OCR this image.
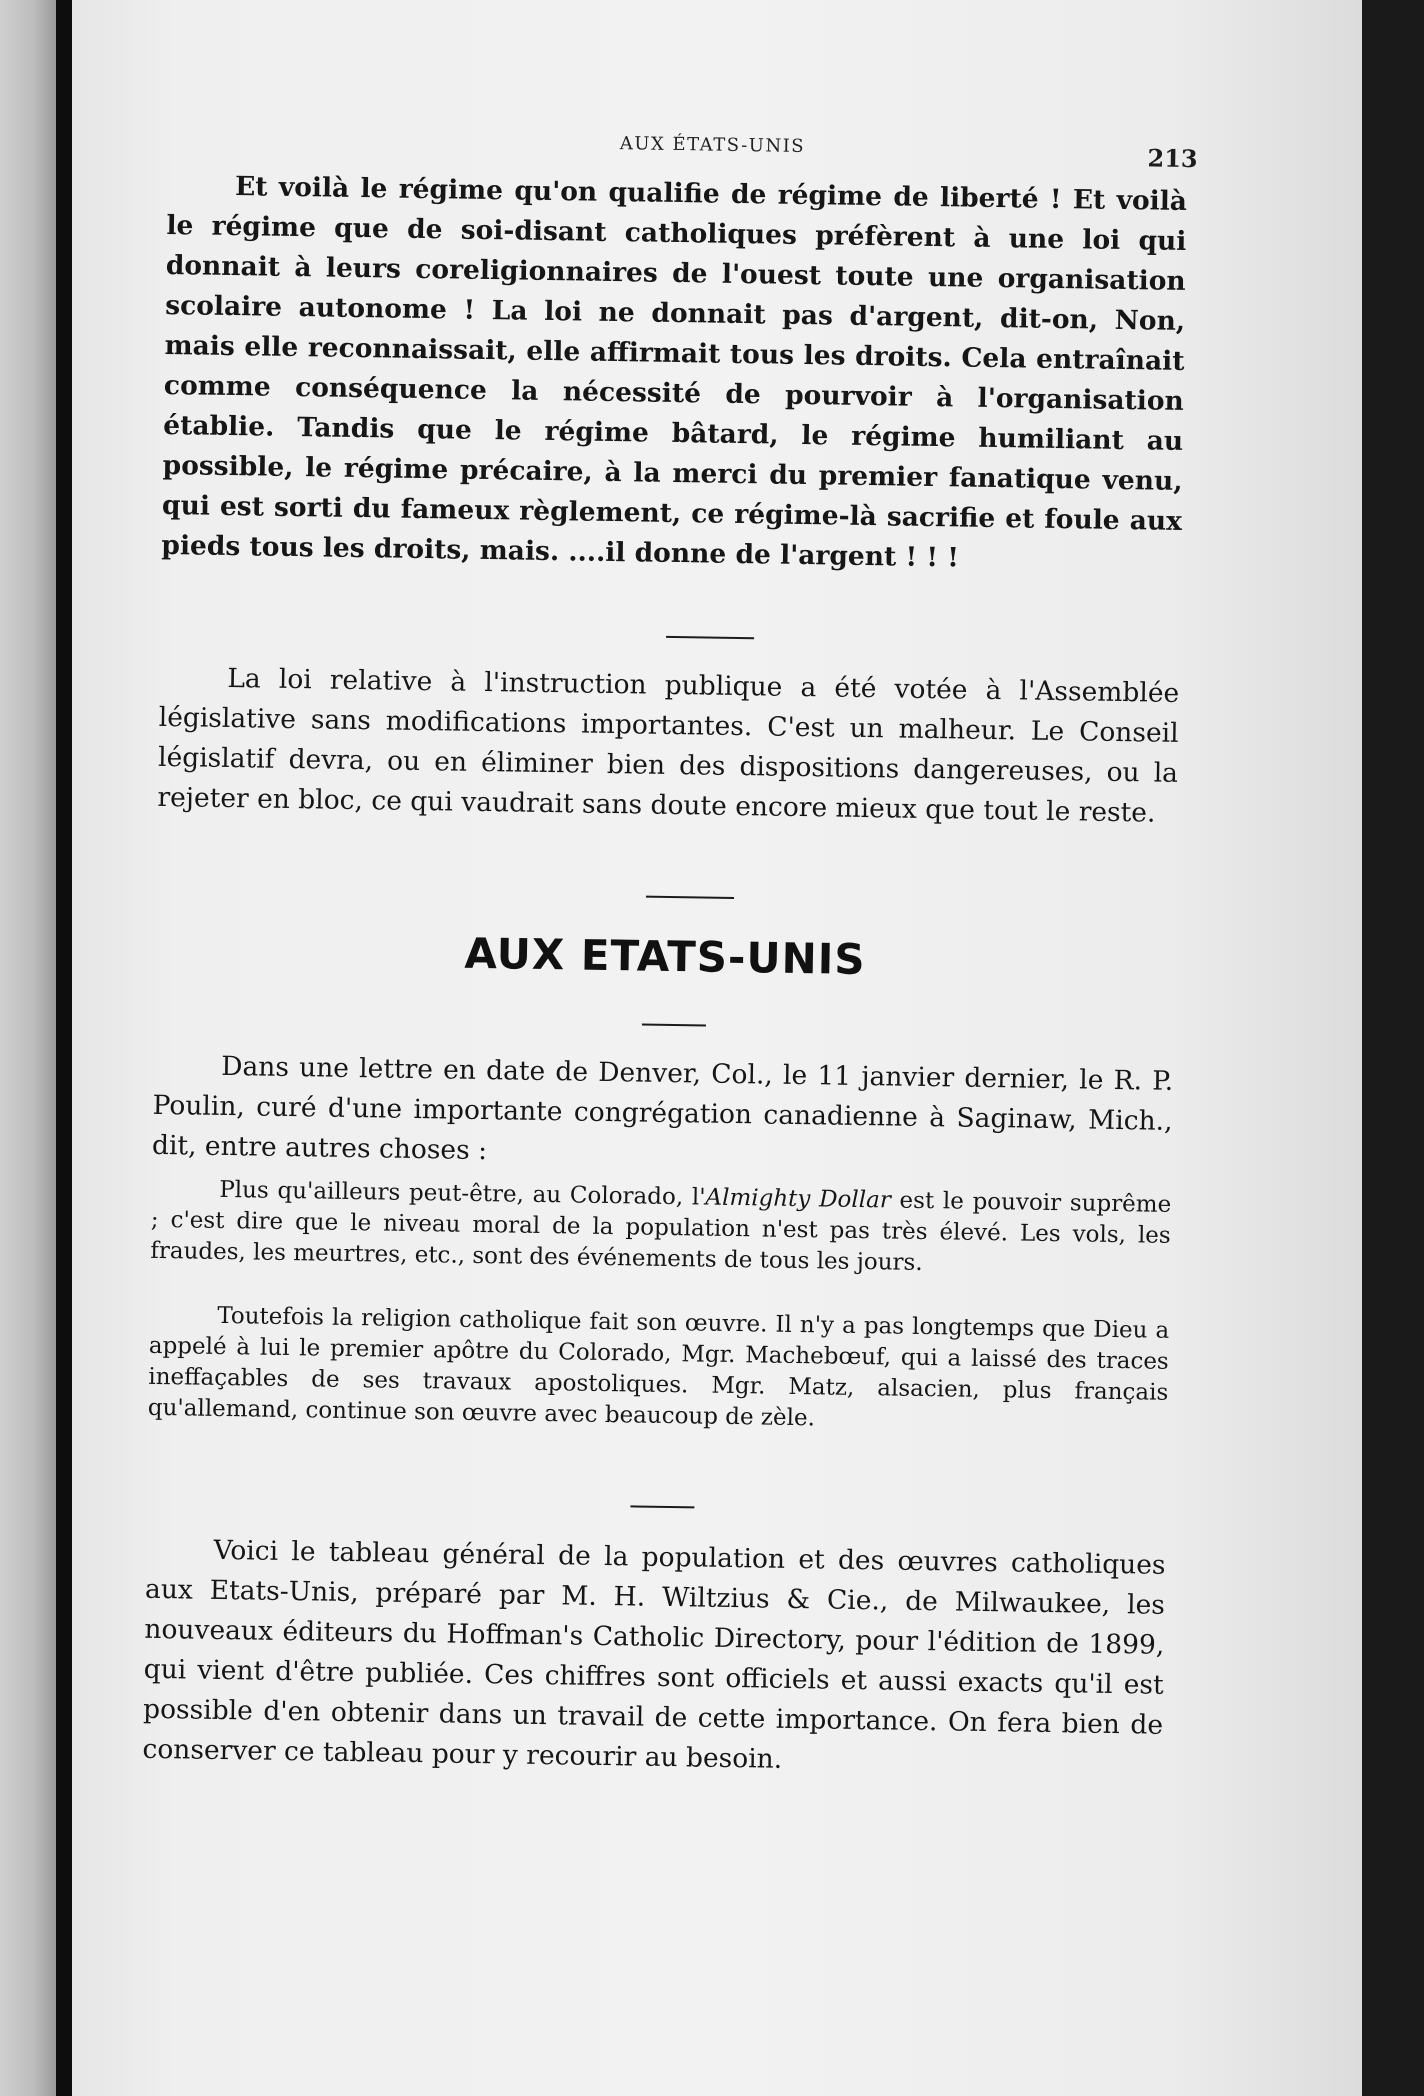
AUX ÉTATS-UNIS	213

Et voilà le régime qu'on qualifie de régime de liberté ! Et voilà le régime que de soi-disant catholiques préfèrent à une loi qui donnait à leurs coreligionnaires de l'ouest toute une organisation scolaire autonome ! La loi ne donnait pas d'argent, dit-on, Non, mais elle reconnaissait, elle affirmait tous les droits. Cela entraînait comme conséquence la nécessité de pourvoir à l'organisation établie. Tandis que le régime bâtard, le régime humiliant au possible, le régime précaire, à la merci du premier fanatique venu, qui est sorti du fameux règlement, ce régime-là sacrifie et foule aux pieds tous les droits, mais. ....il donne de l'argent ! ! !

La loi relative à l'instruction publique a été votée à l'Assemblée législative sans modifications importantes. C'est un malheur. Le Conseil législatif devra, ou en éliminer bien des dispositions dangereuses, ou la rejeter en bloc, ce qui vaudrait sans doute encore mieux que tout le reste.

AUX ETATS-UNIS

Dans une lettre en date de Denver, Col., le 11 janvier dernier, le R. P. Poulin, curé d'une importante congrégation canadienne à Saginaw, Mich., dit, entre autres choses :

Plus qu'ailleurs peut-être, au Colorado, l'Almighty Dollar est le pouvoir suprême ; c'est dire que le niveau moral de la population n'est pas très élevé. Les vols, les fraudes, les meurtres, etc., sont des événements de tous les jours.

Toutefois la religion catholique fait son œuvre. Il n'y a pas longtemps que Dieu a appelé à lui le premier apôtre du Colorado, Mgr. Machebœuf, qui a laissé des traces ineffaçables de ses travaux apostoliques. Mgr. Matz, alsacien, plus français qu'allemand, continue son œuvre avec beaucoup de zèle.

Voici le tableau général de la population et des œuvres catholiques aux Etats-Unis, préparé par M. H. Wiltzius & Cie., de Milwaukee, les nouveaux éditeurs du Hoffman's Catholic Directory, pour l'édition de 1899, qui vient d'être publiée. Ces chiffres sont officiels et aussi exacts qu'il est possible d'en obtenir dans un travail de cette importance. On fera bien de conserver ce tableau pour y recourir au besoin.
